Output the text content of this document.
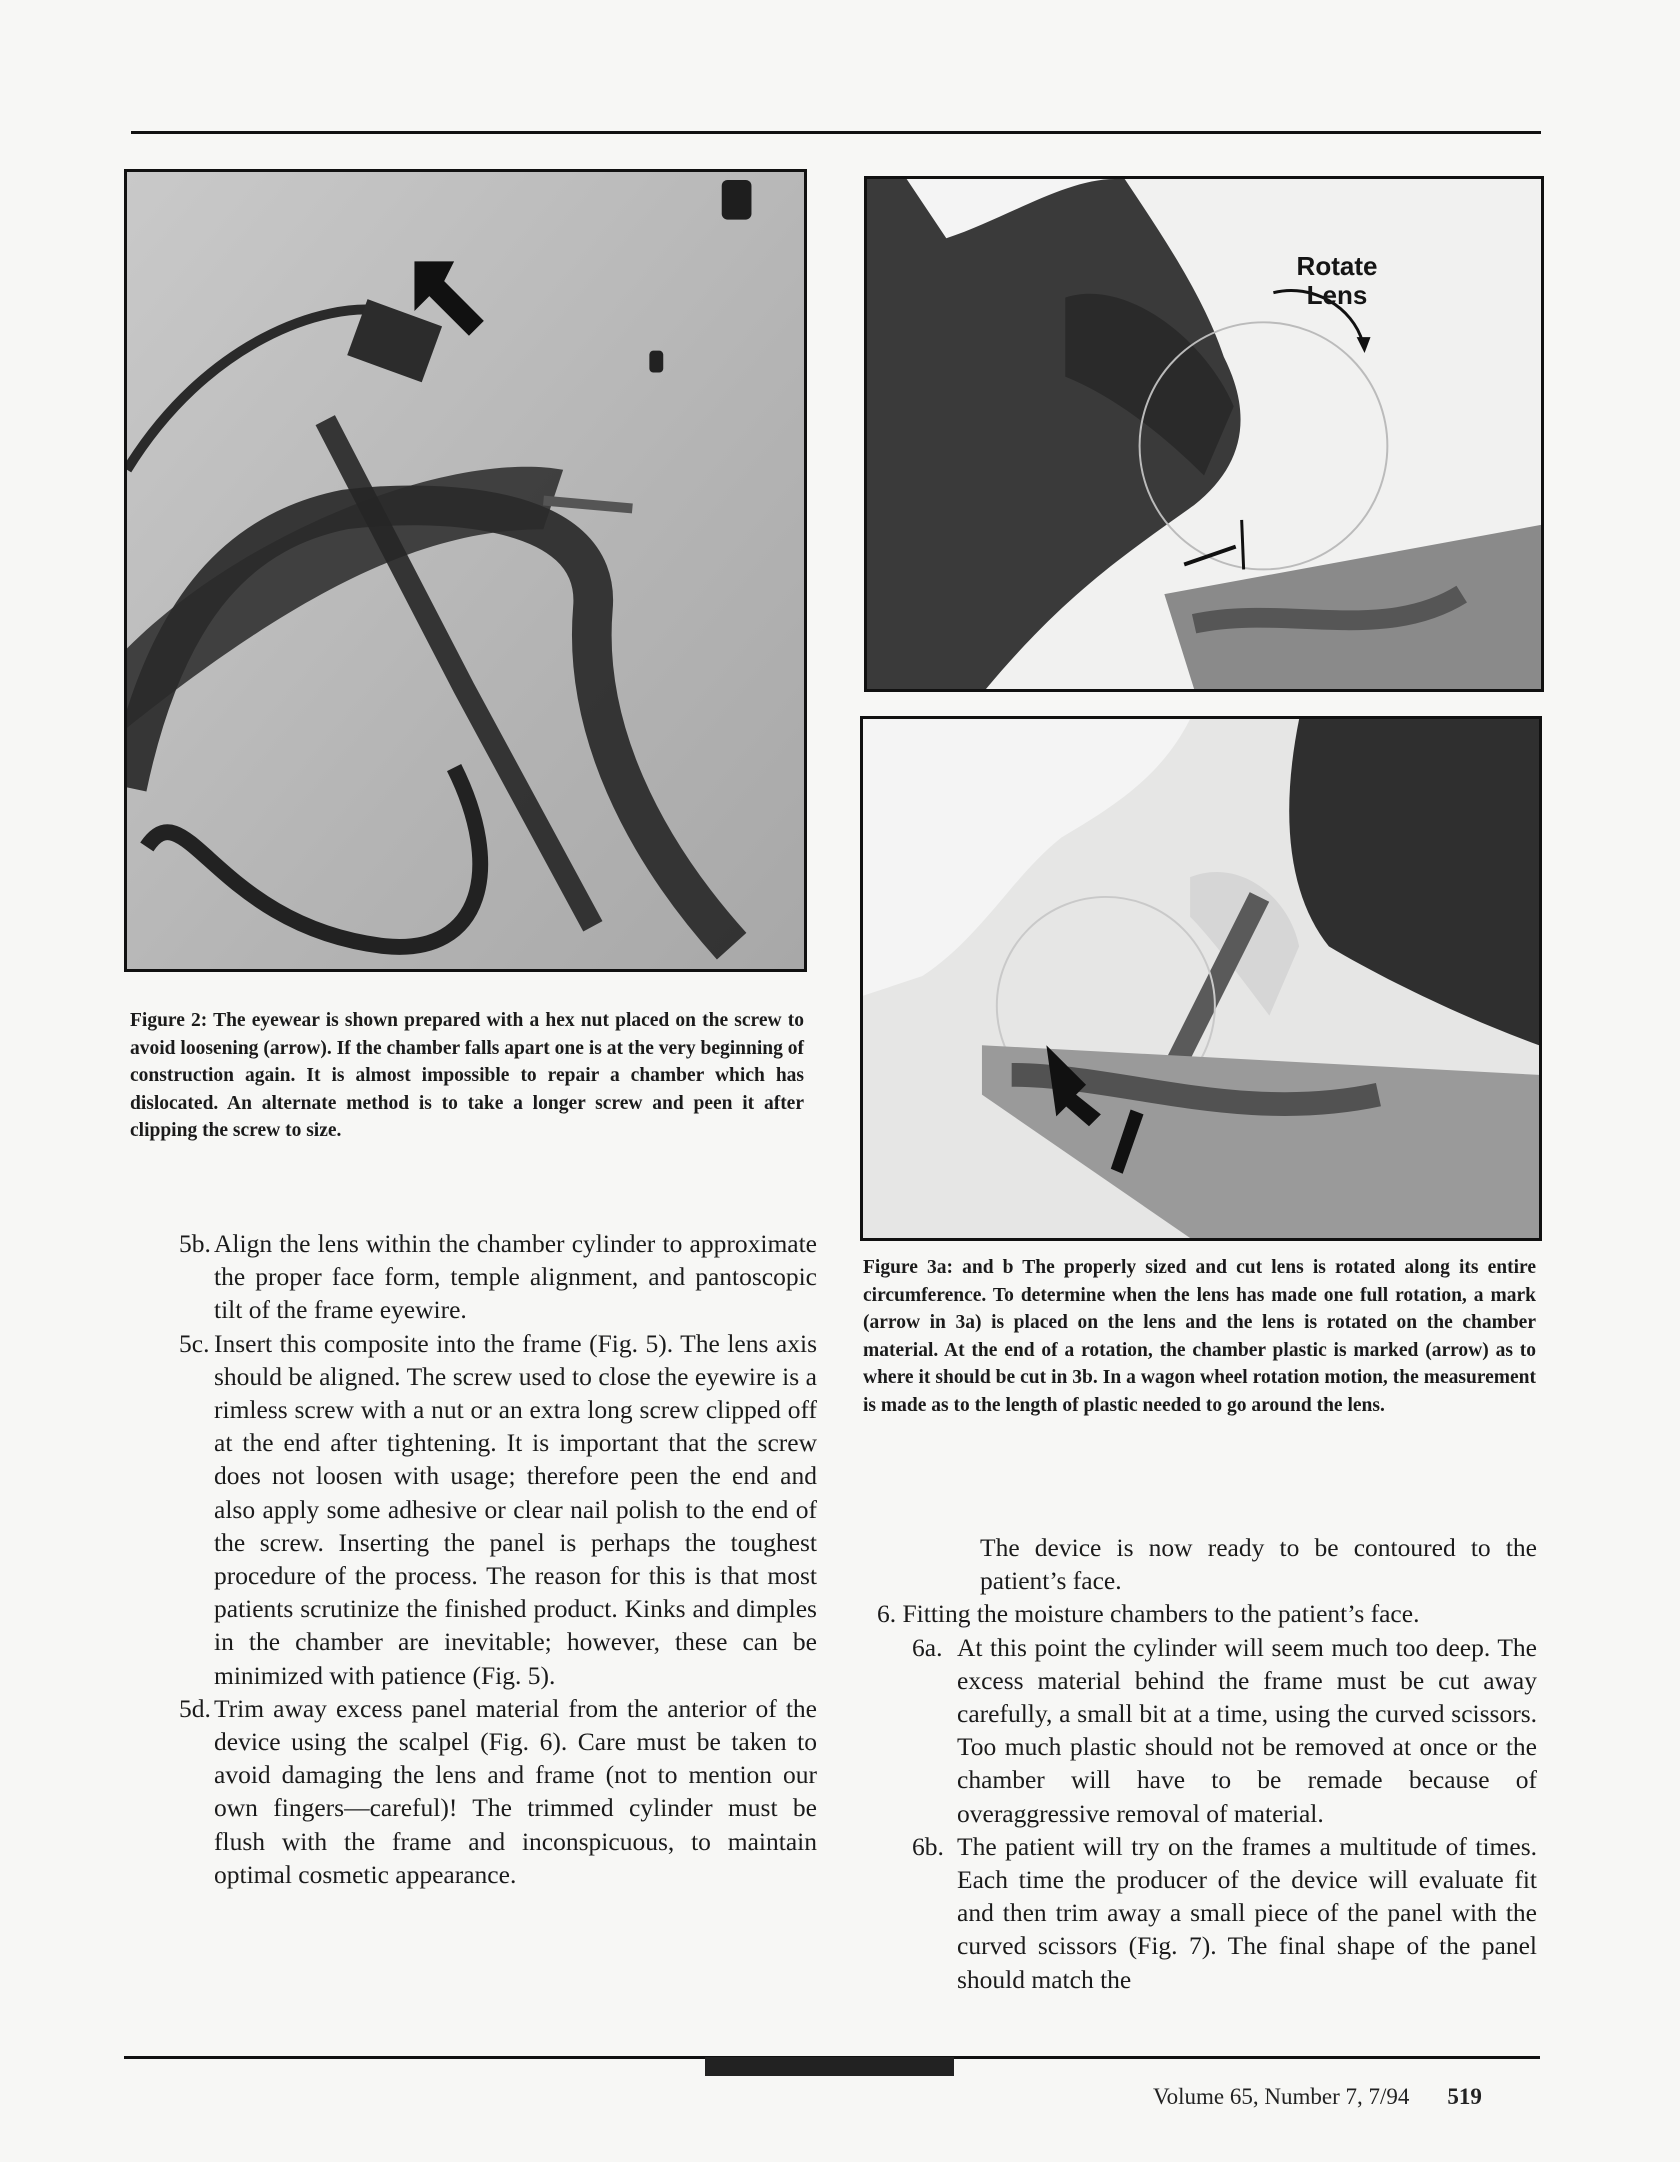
Figure 2: The eyewear is shown prepared with a hex nut placed on the screw to avoid loosening (arrow). If the chamber falls apart one is at the very beginning of construction again. It is almost impossible to repair a chamber which has dislocated. An alternate method is to take a longer screw and peen it after clipping the screw to size.
Rotate
Lens
Figure 3a: and b The properly sized and cut lens is rotated along its entire circumference. To determine when the lens has made one full rotation, a mark (arrow in 3a) is placed on the lens and the lens is rotated on the chamber material. At the end of a rotation, the chamber plastic is marked (arrow) as to where it should be cut in 3b. In a wagon wheel rotation motion, the measurement is made as to the length of plastic needed to go around the lens.
5b. Align the lens within the chamber cylinder to approximate the proper face form, temple alignment, and pantoscopic tilt of the frame eyewire.
5c. Insert this composite into the frame (Fig. 5). The lens axis should be aligned. The screw used to close the eyewire is a rimless screw with a nut or an extra long screw clipped off at the end after tightening. It is important that the screw does not loosen with usage; therefore peen the end and also apply some adhesive or clear nail polish to the end of the screw. Inserting the panel is perhaps the toughest procedure of the process. The reason for this is that most patients scrutinize the finished product. Kinks and dimples in the chamber are inevitable; however, these can be minimized with patience (Fig. 5).
5d. Trim away excess panel material from the anterior of the device using the scalpel (Fig. 6). Care must be taken to avoid damaging the lens and frame (not to mention our own fingers—careful)! The trimmed cylinder must be flush with the frame and inconspicuous, to maintain optimal cosmetic appearance.
The device is now ready to be contoured to the patient’s face.
6. Fitting the moisture chambers to the patient’s face.
6a. At this point the cylinder will seem much too deep. The excess material behind the frame must be cut away carefully, a small bit at a time, using the curved scissors. Too much plastic should not be removed at once or the chamber will have to be remade because of overaggressive removal of material.
6b. The patient will try on the frames a multitude of times. Each time the producer of the device will evaluate fit and then trim away a small piece of the panel with the curved scissors (Fig. 7). The final shape of the panel should match the
Volume 65, Number 7, 7/94 519
